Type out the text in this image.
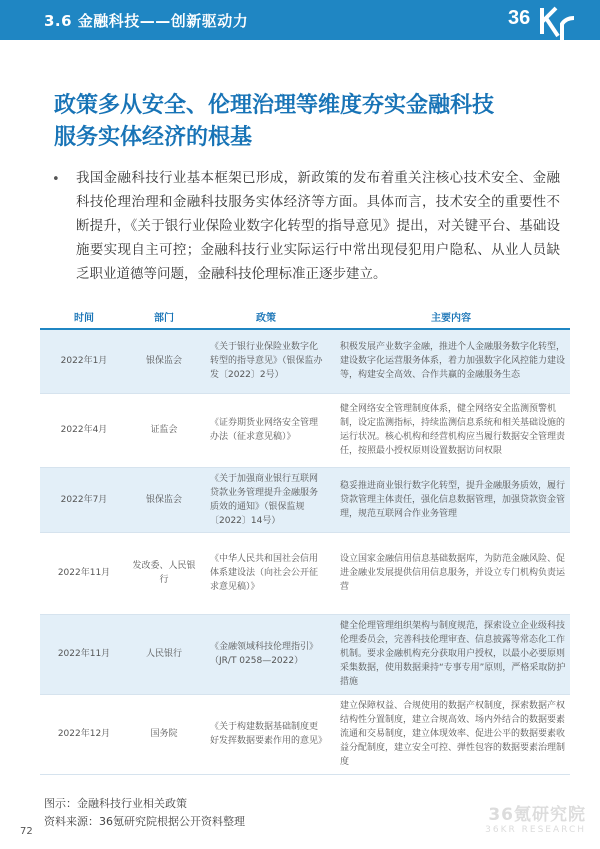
3.6 金融科技——创新驱动力	36
政策多从安全、伦理治理等维度夯实金融科技
服务实体经济的根基
• 我国金融科技行业基本框架已形成，新政策的发布着重关注核心技术安全、金融科技伦理治理和金融科技服务实体经济等方面。具体而言，技术安全的重要性不断提升，《关于银行业保险业数字化转型的指导意见》提出，对关键平台、基础设施要实现自主可控；金融科技行业实际运行中常出现侵犯用户隐私、从业人员缺乏职业道德等问题，金融科技伦理标准正逐步建立。
时间	部门	政策	主要内容
2022年1月	银保监会	《关于银行业保险业数字化转型的指导意见》（银保监办发〔2022〕2号）	积极发展产业数字金融，推进个人金融服务数字化转型，建设数字化运营服务体系，着力加强数字化风控能力建设等，构建安全高效、合作共赢的金融服务生态
2022年4月	证监会	《证券期货业网络安全管理办法（征求意见稿）》	健全网络安全管理制度体系，健全网络安全监测预警机制，设定监测指标，持续监测信息系统和相关基础设施的运行状况。核心机构和经营机构应当履行数据安全管理责任，按照最小授权原则设置数据访问权限
2022年7月	银保监会	《关于加强商业银行互联网贷款业务管理提升金融服务质效的通知》（银保监规〔2022〕14号）	稳妥推进商业银行数字化转型，提升金融服务质效，履行贷款管理主体责任，强化信息数据管理，加强贷款资金管理，规范互联网合作业务管理
2022年11月	发改委、人民银行	《中华人民共和国社会信用体系建设法（向社会公开征求意见稿）》	设立国家金融信用信息基础数据库，为防范金融风险、促进金融业发展提供信用信息服务，并设立专门机构负责运营
2022年11月	人民银行	《金融领域科技伦理指引》（JR/T 0258—2022）	健全伦理管理组织架构与制度规范，探索设立企业级科技伦理委员会，完善科技伦理审查、信息披露等常态化工作机制。要求金融机构充分获取用户授权，以最小必要原则采集数据，使用数据秉持“专事专用”原则，严格采取防护措施
2022年12月	国务院	《关于构建数据基础制度更好发挥数据要素作用的意见》	建立保障权益、合规使用的数据产权制度，探索数据产权结构性分置制度，建立合规高效、场内外结合的数据要素流通和交易制度，建立体现效率、促进公平的数据要素收益分配制度，建立安全可控、弹性包容的数据要素治理制度
图示：金融科技行业相关政策
资料来源：36氪研究院根据公开资料整理
72
36氪研究院
36KR RESEARCH
